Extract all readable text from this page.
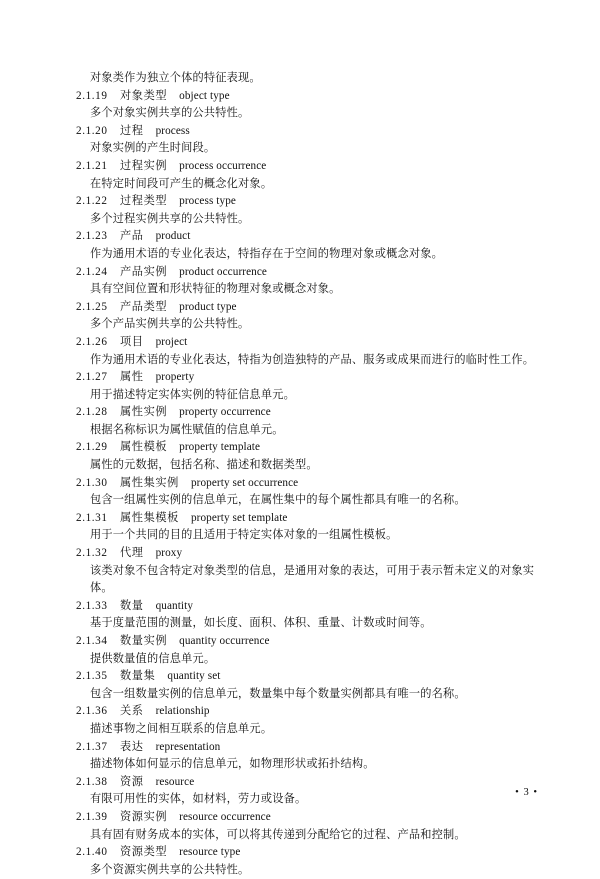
对象类作为独立个体的特征表现。
2.1.19 对象类型 object type
多个对象实例共享的公共特性。
2.1.20 过程 process
对象实例的产生时间段。
2.1.21 过程实例 process occurrence
在特定时间段可产生的概念化对象。
2.1.22 过程类型 process type
多个过程实例共享的公共特性。
2.1.23 产品 product
作为通用术语的专业化表达，特指存在于空间的物理对象或概念对象。
2.1.24 产品实例 product occurrence
具有空间位置和形状特征的物理对象或概念对象。
2.1.25 产品类型 product type
多个产品实例共享的公共特性。
2.1.26 项目 project
作为通用术语的专业化表达，特指为创造独特的产品、服务或成果而进行的临时性工作。
2.1.27 属性 property
用于描述特定实体实例的特征信息单元。
2.1.28 属性实例 property occurrence
根据名称标识为属性赋值的信息单元。
2.1.29 属性模板 property template
属性的元数据，包括名称、描述和数据类型。
2.1.30 属性集实例 property set occurrence
包含一组属性实例的信息单元，在属性集中的每个属性都具有唯一的名称。
2.1.31 属性集模板 property set template
用于一个共同的目的且适用于特定实体对象的一组属性模板。
2.1.32 代理 proxy
该类对象不包含特定对象类型的信息，是通用对象的表达，可用于表示暂未定义的对象实体。
2.1.33 数量 quantity
基于度量范围的测量，如长度、面积、体积、重量、计数或时间等。
2.1.34 数量实例 quantity occurrence
提供数量值的信息单元。
2.1.35 数量集 quantity set
包含一组数量实例的信息单元，数量集中每个数量实例都具有唯一的名称。
2.1.36 关系 relationship
描述事物之间相互联系的信息单元。
2.1.37 表达 representation
描述物体如何显示的信息单元，如物理形状或拓扑结构。
2.1.38 资源 resource
有限可用性的实体，如材料，劳力或设备。
2.1.39 资源实例 resource occurrence
具有固有财务成本的实体，可以将其传递到分配给它的过程、产品和控制。
2.1.40 资源类型 resource type
多个资源实例共享的公共特性。
• 3 •
